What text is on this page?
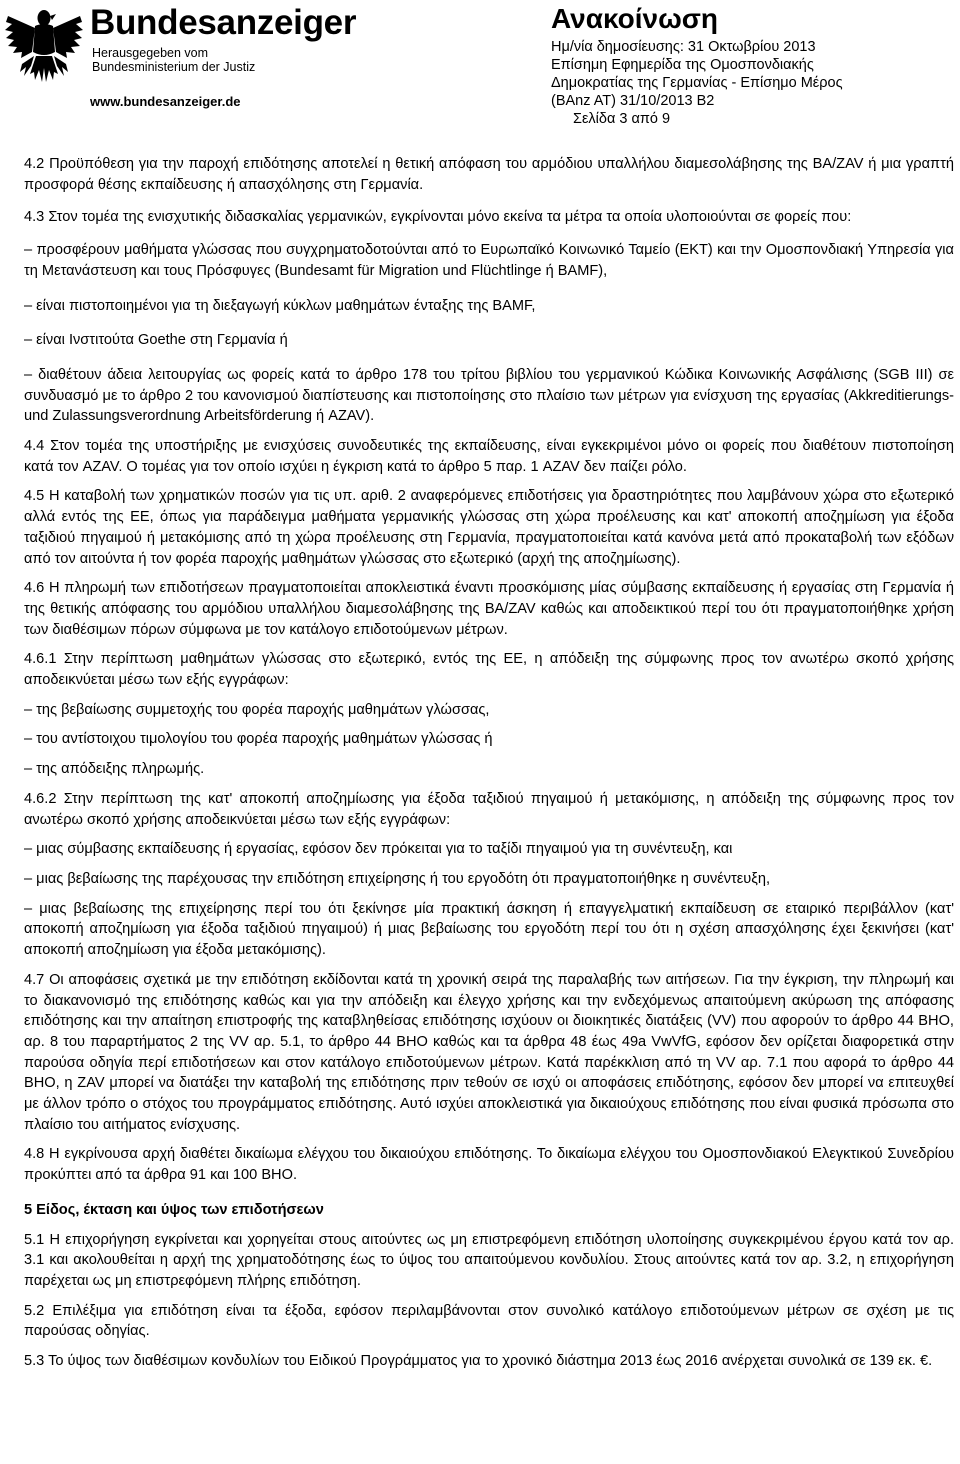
Bundesanzeiger
Herausgegeben vom
Bundesministerium der Justiz
www.bundesanzeiger.de
Ανακοίνωση
Ημ/νία δημοσίευσης: 31 Οκτωβρίου 2013
Επίσημη Εφημερίδα της Ομοσπονδιακής
Δημοκρατίας της Γερμανίας - Επίσημο Μέρος
(BAnz AT) 31/10/2013 B2
Σελίδα 3 από 9

4.2 Προϋπόθεση για την παροχή επιδότησης αποτελεί η θετική απόφαση του αρμόδιου υπαλλήλου διαμεσολάβησης της BA/ZAV ή μια γραπτή προσφορά θέσης εκπαίδευσης ή απασχόλησης στη Γερμανία.

4.3 Στον τομέα της ενισχυτικής διδασκαλίας γερμανικών, εγκρίνονται μόνο εκείνα τα μέτρα τα οποία υλοποιούνται σε φορείς που:

– προσφέρουν μαθήματα γλώσσας που συγχρηματοδοτούνται από το Ευρωπαϊκό Κοινωνικό Ταμείο (ΕΚΤ) και την Ομοσπονδιακή Υπηρεσία για τη Μετανάστευση και τους Πρόσφυγες (Bundesamt für Migration und Flüchtlinge ή BAMF),
– είναι πιστοποιημένοι για τη διεξαγωγή κύκλων μαθημάτων ένταξης της BAMF,
– είναι Ινστιτούτα Goethe στη Γερμανία ή
– διαθέτουν άδεια λειτουργίας ως φορείς κατά το άρθρο 178 του τρίτου βιβλίου του γερμανικού Κώδικα Κοινωνικής Ασφάλισης (SGB III) σε συνδυασμό με το άρθρο 2 του κανονισμού διαπίστευσης και πιστοποίησης στο πλαίσιο των μέτρων για ενίσχυση της εργασίας (Akkreditierungs- und Zulassungsverordnung Arbeitsförderung ή AZAV).

4.4 Στον τομέα της υποστήριξης με ενισχύσεις συνοδευτικές της εκπαίδευσης, είναι εγκεκριμένοι μόνο οι φορείς που διαθέτουν πιστοποίηση κατά τον AZAV. Ο τομέας για τον οποίο ισχύει η έγκριση κατά το άρθρο 5 παρ. 1 AZAV δεν παίζει ρόλο.

4.5 Η καταβολή των χρηματικών ποσών για τις υπ. αριθ. 2 αναφερόμενες επιδοτήσεις για δραστηριότητες που λαμβάνουν χώρα στο εξωτερικό αλλά εντός της ΕΕ, όπως για παράδειγμα μαθήματα γερμανικής γλώσσας στη χώρα προέλευσης και κατ' αποκοπή αποζημίωση για έξοδα ταξιδιού πηγαιμού ή μετακόμισης από τη χώρα προέλευσης στη Γερμανία, πραγματοποιείται κατά κανόνα μετά από προκαταβολή των εξόδων από τον αιτούντα ή τον φορέα παροχής μαθημάτων γλώσσας στο εξωτερικό (αρχή της αποζημίωσης).

4.6 Η πληρωμή των επιδοτήσεων πραγματοποιείται αποκλειστικά έναντι προσκόμισης μίας σύμβασης εκπαίδευσης ή εργασίας στη Γερμανία ή της θετικής απόφασης του αρμόδιου υπαλλήλου διαμεσολάβησης της BA/ZAV καθώς και αποδεικτικού περί του ότι πραγματοποιήθηκε χρήση των διαθέσιμων πόρων σύμφωνα με τον κατάλογο επιδοτούμενων μέτρων.

4.6.1 Στην περίπτωση μαθημάτων γλώσσας στο εξωτερικό, εντός της ΕΕ, η απόδειξη της σύμφωνης προς τον ανωτέρω σκοπό χρήσης αποδεικνύεται μέσω των εξής εγγράφων:

– της βεβαίωσης συμμετοχής του φορέα παροχής μαθημάτων γλώσσας,
– του αντίστοιχου τιμολογίου του φορέα παροχής μαθημάτων γλώσσας ή
– της απόδειξης πληρωμής.

4.6.2 Στην περίπτωση της κατ' αποκοπή αποζημίωσης για έξοδα ταξιδιού πηγαιμού ή μετακόμισης, η απόδειξη της σύμφωνης προς τον ανωτέρω σκοπό χρήσης αποδεικνύεται μέσω των εξής εγγράφων:

– μιας σύμβασης εκπαίδευσης ή εργασίας, εφόσον δεν πρόκειται για το ταξίδι πηγαιμού για τη συνέντευξη, και
– μιας βεβαίωσης της παρέχουσας την επιδότηση επιχείρησης ή του εργοδότη ότι πραγματοποιήθηκε η συνέντευξη,
– μιας βεβαίωσης της επιχείρησης περί του ότι ξεκίνησε μία πρακτική άσκηση ή επαγγελματική εκπαίδευση σε εταιρικό περιβάλλον (κατ' αποκοπή αποζημίωση για έξοδα ταξιδιού πηγαιμού) ή μιας βεβαίωσης του εργοδότη περί του ότι η σχέση απασχόλησης έχει ξεκινήσει (κατ' αποκοπή αποζημίωση για έξοδα μετακόμισης).

4.7 Οι αποφάσεις σχετικά με την επιδότηση εκδίδονται κατά τη χρονική σειρά της παραλαβής των αιτήσεων. Για την έγκριση, την πληρωμή και το διακανονισμό της επιδότησης καθώς και για την απόδειξη και έλεγχο χρήσης και την ενδεχόμενως απαιτούμενη ακύρωση της απόφασης επιδότησης και την απαίτηση επιστροφής της καταβληθείσας επιδότησης ισχύουν οι διοικητικές διατάξεις (VV) που αφορούν το άρθρο 44 BHO, αρ. 8 του παραρτήματος 2 της VV αρ. 5.1, το άρθρο 44 BHO καθώς και τα άρθρα 48 έως 49a VwVfG, εφόσον δεν ορίζεται διαφορετικά στην παρούσα οδηγία περί επιδοτήσεων και στον κατάλογο επιδοτούμενων μέτρων. Κατά παρέκκλιση από τη VV αρ. 7.1 που αφορά το άρθρο 44 BHO, η ZAV μπορεί να διατάξει την καταβολή της επιδότησης πριν τεθούν σε ισχύ οι αποφάσεις επιδότησης, εφόσον δεν μπορεί να επιτευχθεί με άλλον τρόπο ο στόχος του προγράμματος επιδότησης. Αυτό ισχύει αποκλειστικά για δικαιούχους επιδότησης που είναι φυσικά πρόσωπα στο πλαίσιο του αιτήματος ενίσχυσης.

4.8 Η εγκρίνουσα αρχή διαθέτει δικαίωμα ελέγχου του δικαιούχου επιδότησης. Το δικαίωμα ελέγχου του Ομοσπονδιακού Ελεγκτικού Συνεδρίου προκύπτει από τα άρθρα 91 και 100 BHO.

5 Είδος, έκταση και ύψος των επιδοτήσεων

5.1 Η επιχορήγηση εγκρίνεται και χορηγείται στους αιτούντες ως μη επιστρεφόμενη επιδότηση υλοποίησης συγκεκριμένου έργου κατά τον αρ. 3.1 και ακολουθείται η αρχή της χρηματοδότησης έως το ύψος του απαιτούμενου κονδυλίου. Στους αιτούντες κατά τον αρ. 3.2, η επιχορήγηση παρέχεται ως μη επιστρεφόμενη πλήρης επιδότηση.

5.2 Επιλέξιμα για επιδότηση είναι τα έξοδα, εφόσον περιλαμβάνονται στον συνολικό κατάλογο επιδοτούμενων μέτρων σε σχέση με τις παρούσας οδηγίας.

5.3 Το ύψος των διαθέσιμων κονδυλίων του Ειδικού Προγράμματος για το χρονικό διάστημα 2013 έως 2016 ανέρχεται συνολικά σε 139 εκ. €.
